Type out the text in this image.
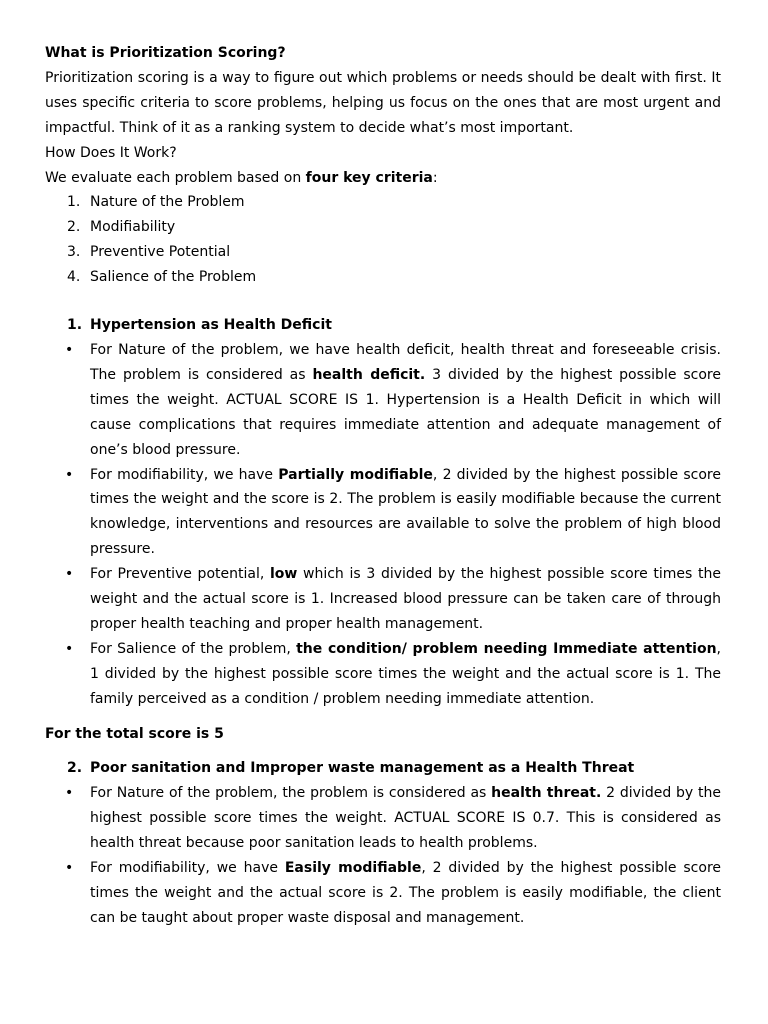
What is Prioritization Scoring?

Prioritization scoring is a way to figure out which problems or needs should be dealt with first. It uses specific criteria to score problems, helping us focus on the ones that are most urgent and impactful. Think of it as a ranking system to decide what’s most important.

How Does It Work?

We evaluate each problem based on four key criteria:

1. Nature of the Problem
2. Modifiability
3. Preventive Potential
4. Salience of the Problem

1. Hypertension as Health Deficit

• For Nature of the problem, we have health deficit, health threat and foreseeable crisis. The problem is considered as health deficit. 3 divided by the highest possible score times the weight. ACTUAL SCORE IS 1. Hypertension is a Health Deficit in which will cause complications that requires immediate attention and adequate management of one’s blood pressure.
• For modifiability, we have Partially modifiable, 2 divided by the highest possible score times the weight and the score is 2. The problem is easily modifiable because the current knowledge, interventions and resources are available to solve the problem of high blood pressure.
• For Preventive potential, low which is 3 divided by the highest possible score times the weight and the actual score is 1. Increased blood pressure can be taken care of through proper health teaching and proper health management.
• For Salience of the problem, the condition/ problem needing Immediate attention, 1 divided by the highest possible score times the weight and the actual score is 1. The family perceived as a condition / problem needing immediate attention.

For the total score is 5

2. Poor sanitation and Improper waste management as a Health Threat

• For Nature of the problem, the problem is considered as health threat. 2 divided by the highest possible score times the weight. ACTUAL SCORE IS 0.7. This is considered as health threat because poor sanitation leads to health problems.
• For modifiability, we have Easily modifiable, 2 divided by the highest possible score times the weight and the actual score is 2. The problem is easily modifiable, the client can be taught about proper waste disposal and management.
